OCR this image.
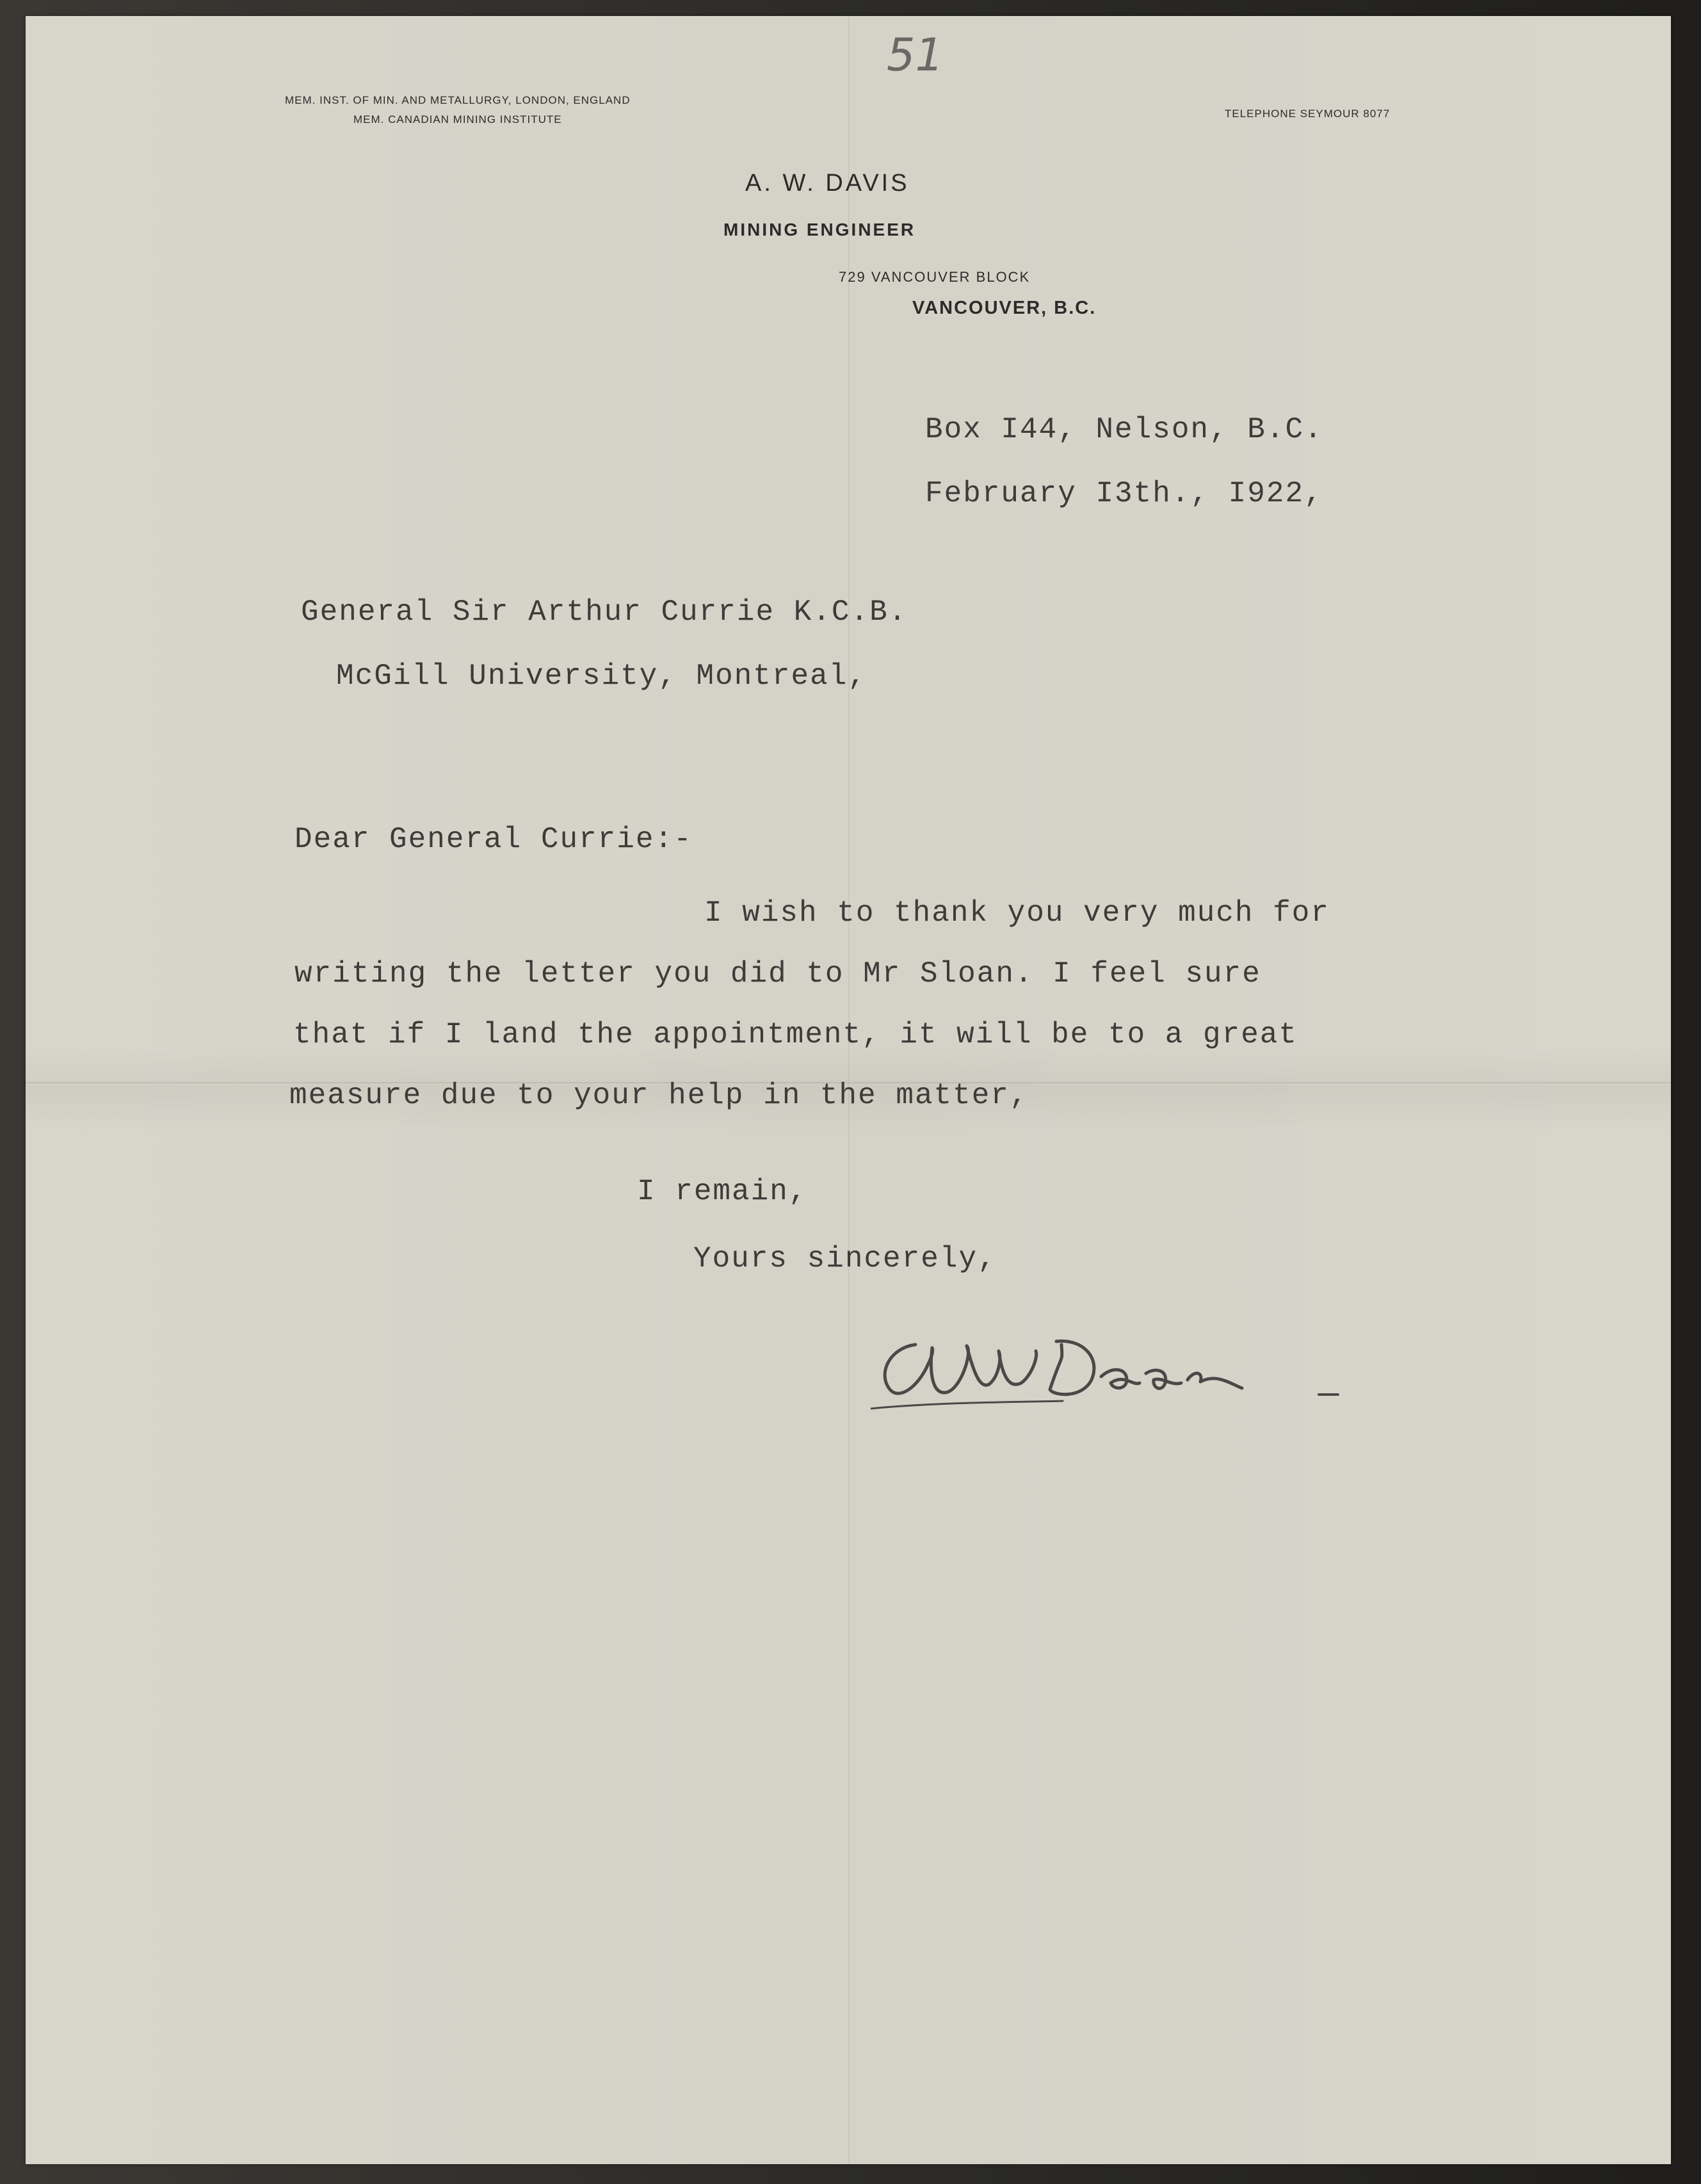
51
MEM. INST. OF MIN. AND METALLURGY, LONDON, ENGLAND
MEM. CANADIAN MINING INSTITUTE	TELEPHONE SEYMOUR 8077
A. W. DAVIS
MINING ENGINEER
729 VANCOUVER BLOCK
VANCOUVER, B.C.
Box I44, Nelson, B.C.
February I3th., I922,
General Sir Arthur Currie K.C.B.
McGill University, Montreal,
Dear General Currie:-
I wish to thank you very much for
writing the letter you did to Mr Sloan. I feel sure
that if I land the appointment, it will be to a great
measure due to your help in the matter,
I remain,
Yours sincerely,
